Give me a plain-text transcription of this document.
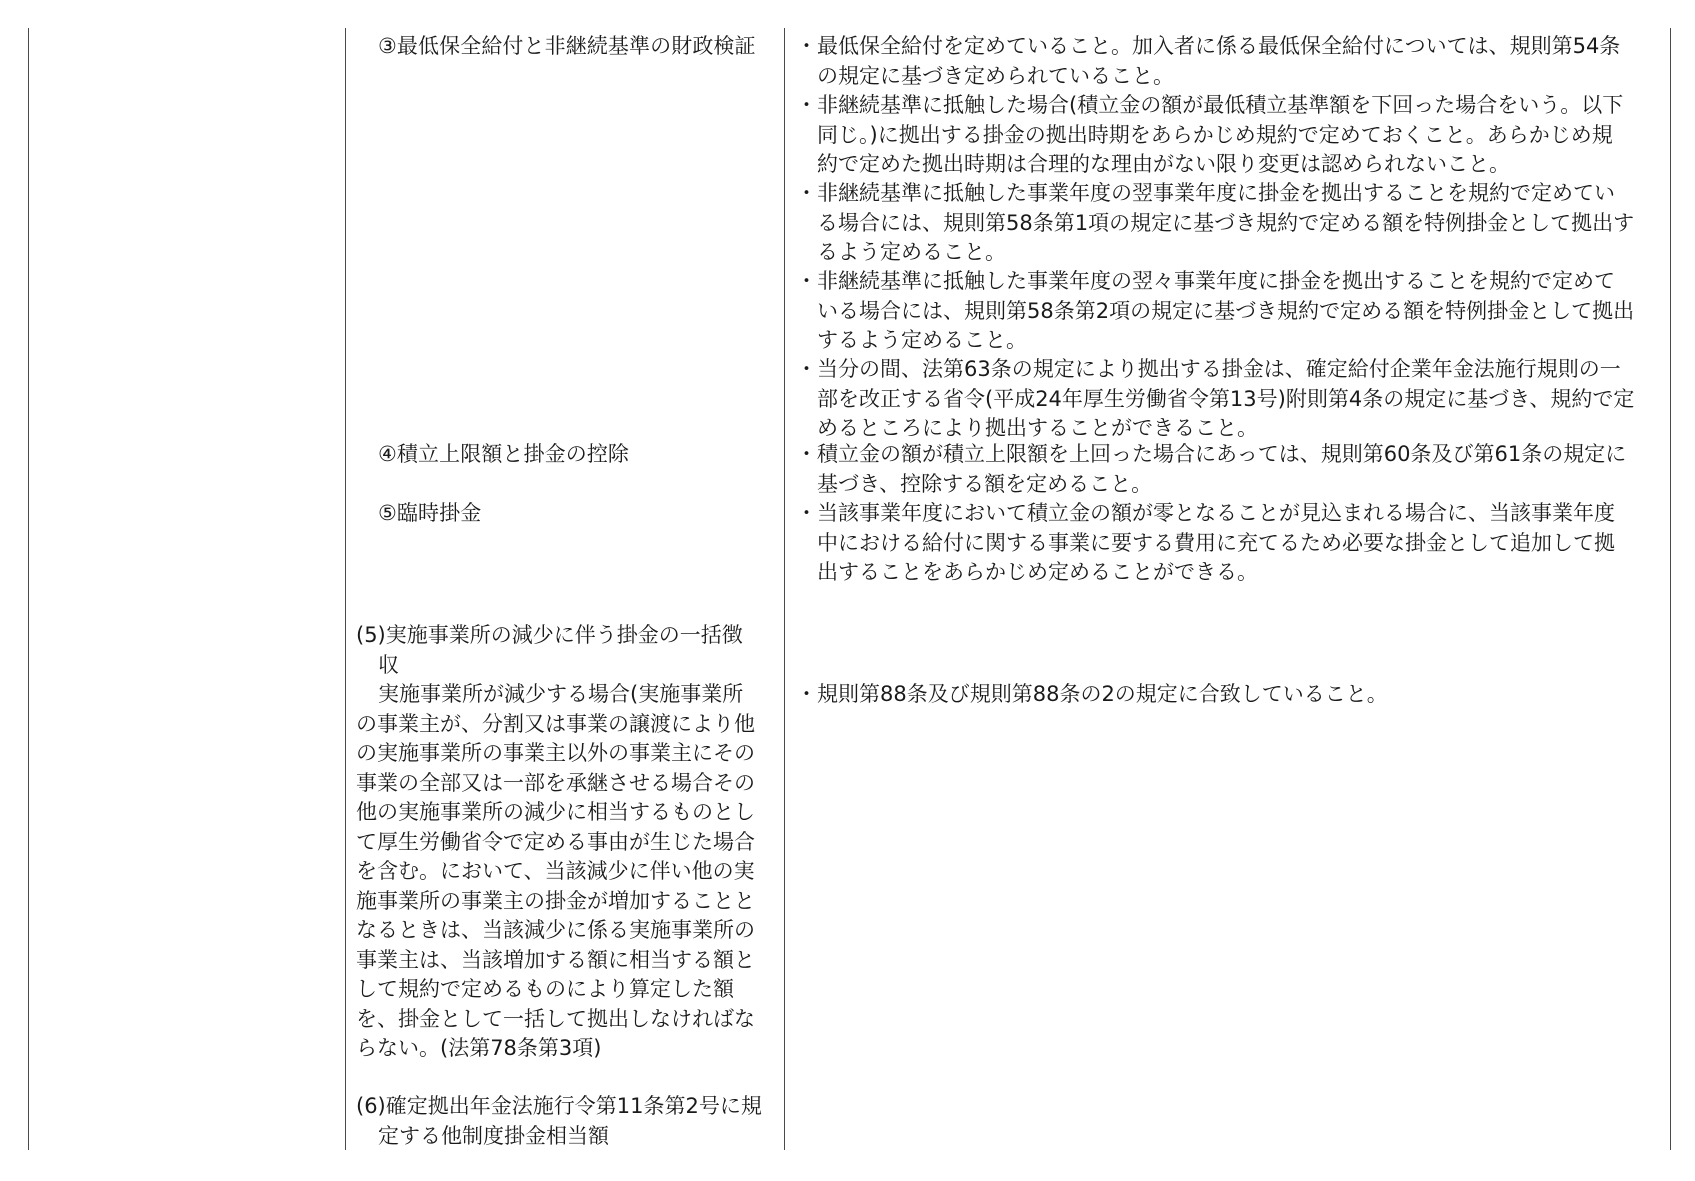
③最低保全給付と非継続基準の財政検証
④積立上限額と掛金の控除
⑤臨時掛金
(5)実施事業所の減少に伴う掛金の一括徴
収
実施事業所が減少する場合(実施事業所
の事業主が、分割又は事業の譲渡により他
の実施事業所の事業主以外の事業主にその
事業の全部又は一部を承継させる場合その
他の実施事業所の減少に相当するものとし
て厚生労働省令で定める事由が生じた場合
を含む。において、当該減少に伴い他の実
施事業所の事業主の掛金が増加することと
なるときは、当該減少に係る実施事業所の
事業主は、当該増加する額に相当する額と
して規約で定めるものにより算定した額
を、掛金として一括して拠出しなければな
らない。(法第78条第3項)
(6)確定拠出年金法施行令第11条第2号に規
定する他制度掛金相当額
・ 最低保全給付を定めていること。加入者に係る最低保全給付については、規則第54条
の規定に基づき定められていること。
・ 非継続基準に抵触した場合(積立金の額が最低積立基準額を下回った場合をいう。以下
同じ。)に拠出する掛金の拠出時期をあらかじめ規約で定めておくこと。あらかじめ規
約で定めた拠出時期は合理的な理由がない限り変更は認められないこと。
・ 非継続基準に抵触した事業年度の翌事業年度に掛金を拠出することを規約で定めてい
る場合には、規則第58条第1項の規定に基づき規約で定める額を特例掛金として拠出す
るよう定めること。
・ 非継続基準に抵触した事業年度の翌々事業年度に掛金を拠出することを規約で定めて
いる場合には、規則第58条第2項の規定に基づき規約で定める額を特例掛金として拠出
するよう定めること。
・ 当分の間、法第63条の規定により拠出する掛金は、確定給付企業年金法施行規則の一
部を改正する省令(平成24年厚生労働省令第13号)附則第4条の規定に基づき、規約で定
めるところにより拠出することができること。
・ 積立金の額が積立上限額を上回った場合にあっては、規則第60条及び第61条の規定に
基づき、控除する額を定めること。
・ 当該事業年度において積立金の額が零となることが見込まれる場合に、当該事業年度
中における給付に関する事業に要する費用に充てるため必要な掛金として追加して拠
出することをあらかじめ定めることができる。
・ 規則第88条及び規則第88条の2の規定に合致していること。
